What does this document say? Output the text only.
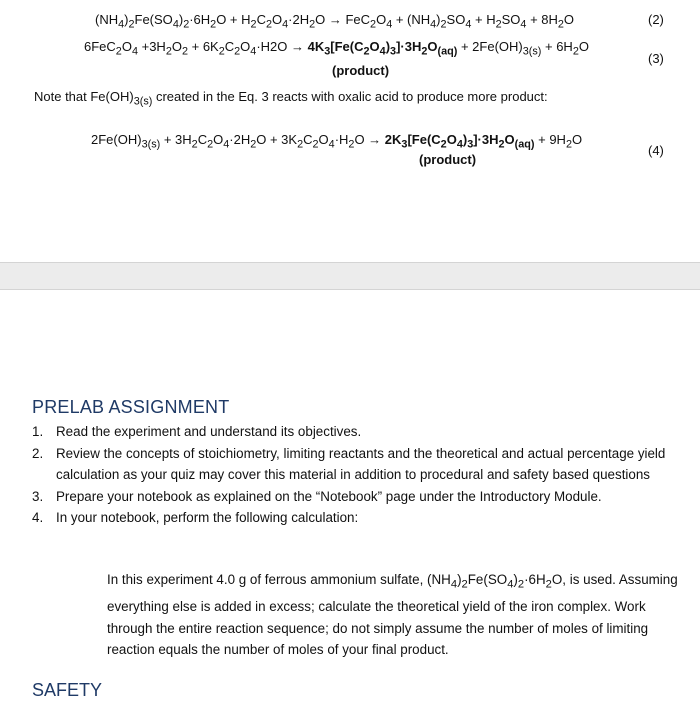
$(NH_4)_2Fe(SO_4)_2\cdot 6H_2O + H_2C_2O_4\cdot 2H_2O \to FeC_2O_4 + (NH_4)_2SO_4 + H_2SO_4 + 8H_2O$	(2)
$6FeC_2O_4 +3H_2O_2 + 6K_2C_2O_4\cdot H2O \to 4K_3[Fe(C_2O_4)_3]\cdot 3H_2O_{(aq)} + 2Fe(OH)_{3(s)} + 6H_2O$
(product)
(3)
Note that $Fe(OH)_{3(s)}$ created in the Eq. 3 reacts with oxalic acid to produce more product:
$2Fe(OH)_{3(s)} + 3H_2C_2O_4\cdot 2H_2O + 3K_2C_2O_4\cdot H_2O \to 2K_3[Fe(C_2O_4)_3]\cdot 3H_2O_{(aq)} + 9H_2O$
(product)
(4)
PRELAB ASSIGNMENT
1. Read the experiment and understand its objectives.
2. Review the concepts of stoichiometry, limiting reactants and the theoretical and actual percentage yield calculation as your quiz may cover this material in addition to procedural and safety based questions
3. Prepare your notebook as explained on the “Notebook” page under the Introductory Module.
4. In your notebook, perform the following calculation:
In this experiment 4.0 g of ferrous ammonium sulfate, $(NH_4)_2Fe(SO_4)_2\cdot 6H_2O$, is used. Assuming everything else is added in excess; calculate the theoretical yield of the iron complex. Work through the entire reaction sequence; do not simply assume the number of moles of limiting reaction equals the number of moles of your final product.
SAFETY
